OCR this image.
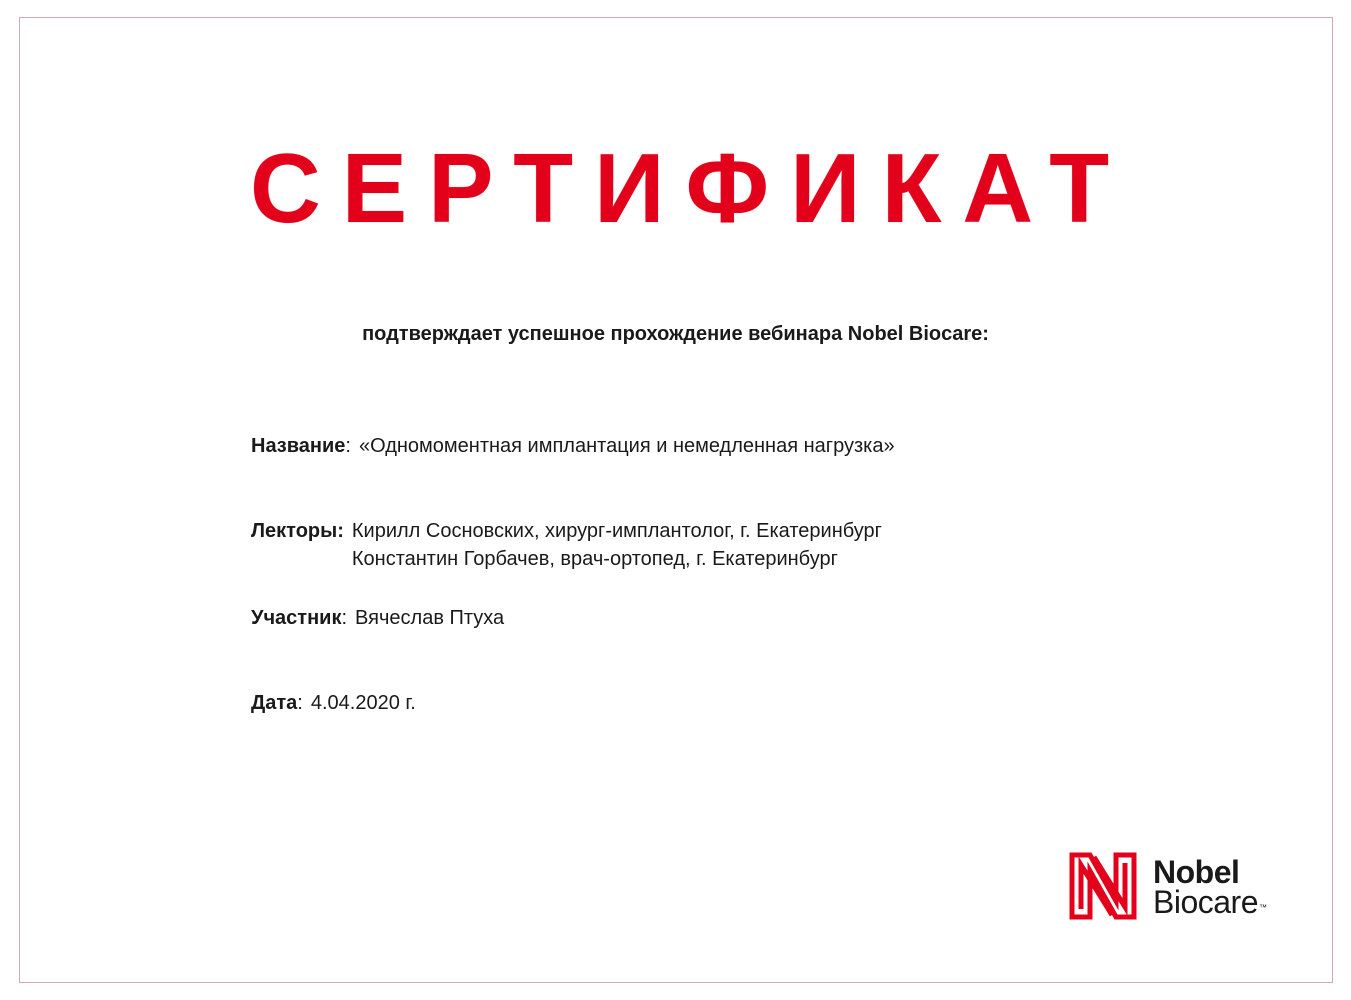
СЕРТИФИКАТ
подтверждает успешное прохождение вебинара Nobel Biocare:
Название: «Одномоментная имплантация и немедленная нагрузка»
Лекторы: Кирилл Сосновских, хирург-имплантолог, г. Екатеринбург
Константин Горбачев, врач-ортопед, г. Екатеринбург
Участник: Вячеслав Птуха
Дата: 4.04.2020 г.
Nobel
Biocare™
